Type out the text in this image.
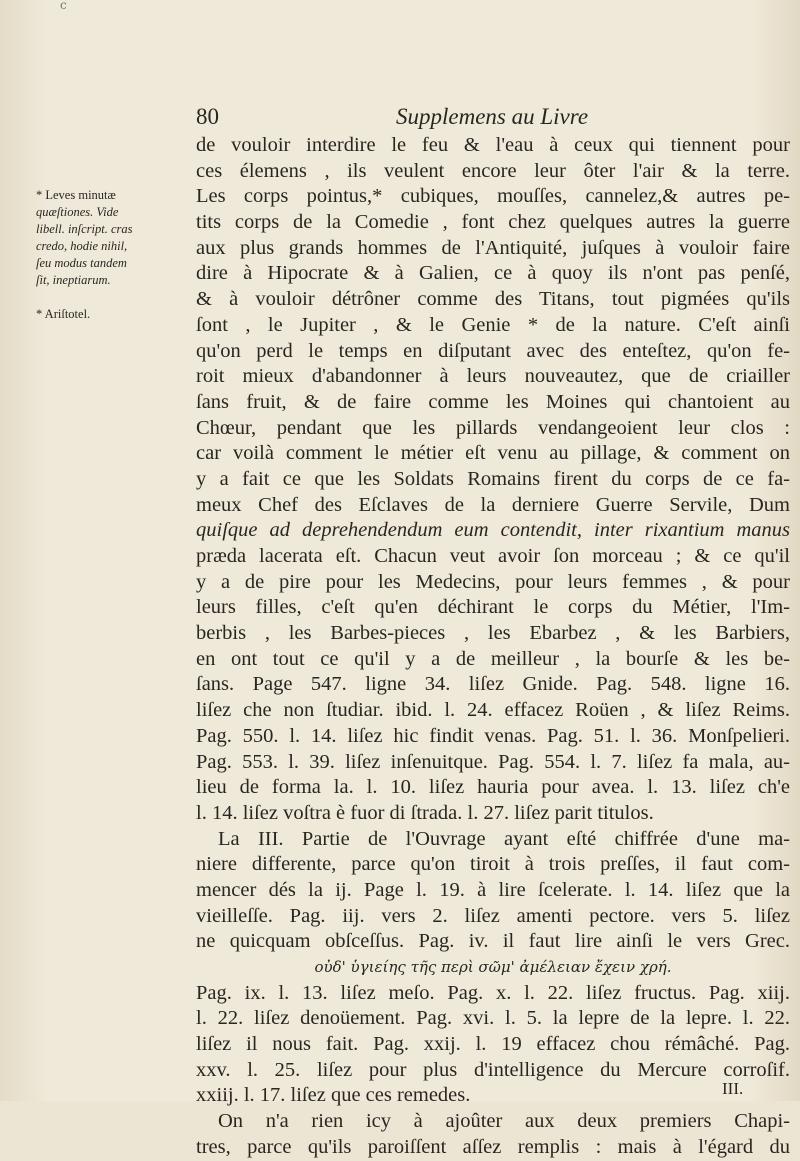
c
80	Supplemens au Livre
* Leves minutæ
quæſtiones. Vide
libell. inſcript. cras
credo, hodie nihil,
ſeu modus tandem
ſit, ineptiarum.
* Ariſtotel.
de vouloir interdire le feu & l'eau à ceux qui tiennent pour
ces élemens , ils veulent encore leur ôter l'air & la terre.
Les corps pointus,* cubiques, mouſſes, cannelez,& autres pe-
tits corps de la Comedie , font chez quelques autres la guerre
aux plus grands hommes de l'Antiquité, juſques à vouloir faire
dire à Hipocrate & à Galien, ce à quoy ils n'ont pas penſé,
& à vouloir détrôner comme des Titans, tout pigmées qu'ils
ſont , le Jupiter , & le Genie * de la nature. C'eſt ainſi
qu'on perd le temps en diſputant avec des enteſtez, qu'on fe-
roit mieux d'abandonner à leurs nouveautez, que de criailler
ſans fruit, & de faire comme les Moines qui chantoient au
Chœur, pendant que les pillards vendangeoient leur clos :
car voilà comment le métier eſt venu au pillage, & comment on
y a fait ce que les Soldats Romains firent du corps de ce fa-
meux Chef des Eſclaves de la derniere Guerre Servile, Dum
quiſque ad deprehendendum eum contendit, inter rixantium manus
præda lacerata eſt. Chacun veut avoir ſon morceau ; & ce qu'il
y a de pire pour les Medecins, pour leurs femmes , & pour
leurs filles, c'eſt qu'en déchirant le corps du Métier, l'Im-
berbis , les Barbes-pieces , les Ebarbez , & les Barbiers,
en ont tout ce qu'il y a de meilleur , la bourſe & les be-
ſans. Page 547. ligne 34. liſez Gnide. Pag. 548. ligne 16.
liſez che non ſtudiar. ibid. l. 24. effacez Roüen , & liſez Reims.
Pag. 550. l. 14. liſez hic findit venas. Pag. 51. l. 36. Monſpelieri.
Pag. 553. l. 39. liſez inſenuitque. Pag. 554. l. 7. liſez fa mala, au-
lieu de forma la. l. 10. liſez hauria pour avea. l. 13. liſez ch'e
l. 14. liſez voſtra è fuor di ſtrada. l. 27. liſez parit titulos.
La III. Partie de l'Ouvrage ayant eſté chiffrée d'une ma-
niere differente, parce qu'on tiroit à trois preſſes, il faut com-
mencer dés la ij. Page l. 19. à lire ſcelerate. l. 14. liſez que la
vieilleſſe. Pag. iij. vers 2. liſez amenti pectore. vers 5. liſez
ne quicquam obſceſſus. Pag. iv. il faut lire ainſi le vers Grec.
οὐδ' ὑγιείης τῆς περὶ σῶμ' ἀμέλειαν ἔχειν χρή.
Pag. ix. l. 13. liſez meſo. Pag. x. l. 22. liſez fructus. Pag. xiij.
l. 22. liſez denoüement. Pag. xvi. l. 5. la lepre de la lepre. l. 22.
liſez il nous fait. Pag. xxij. l. 19 effacez chou rémâché. Pag.
xxv. l. 25. liſez pour plus d'intelligence du Mercure corroſif.
xxiij. l. 17. liſez que ces remedes.
On n'a rien icy à ajoûter aux deux premiers Chapi-
tres, parce qu'ils paroiſſent aſſez remplis : mais à l'égard du
III.
